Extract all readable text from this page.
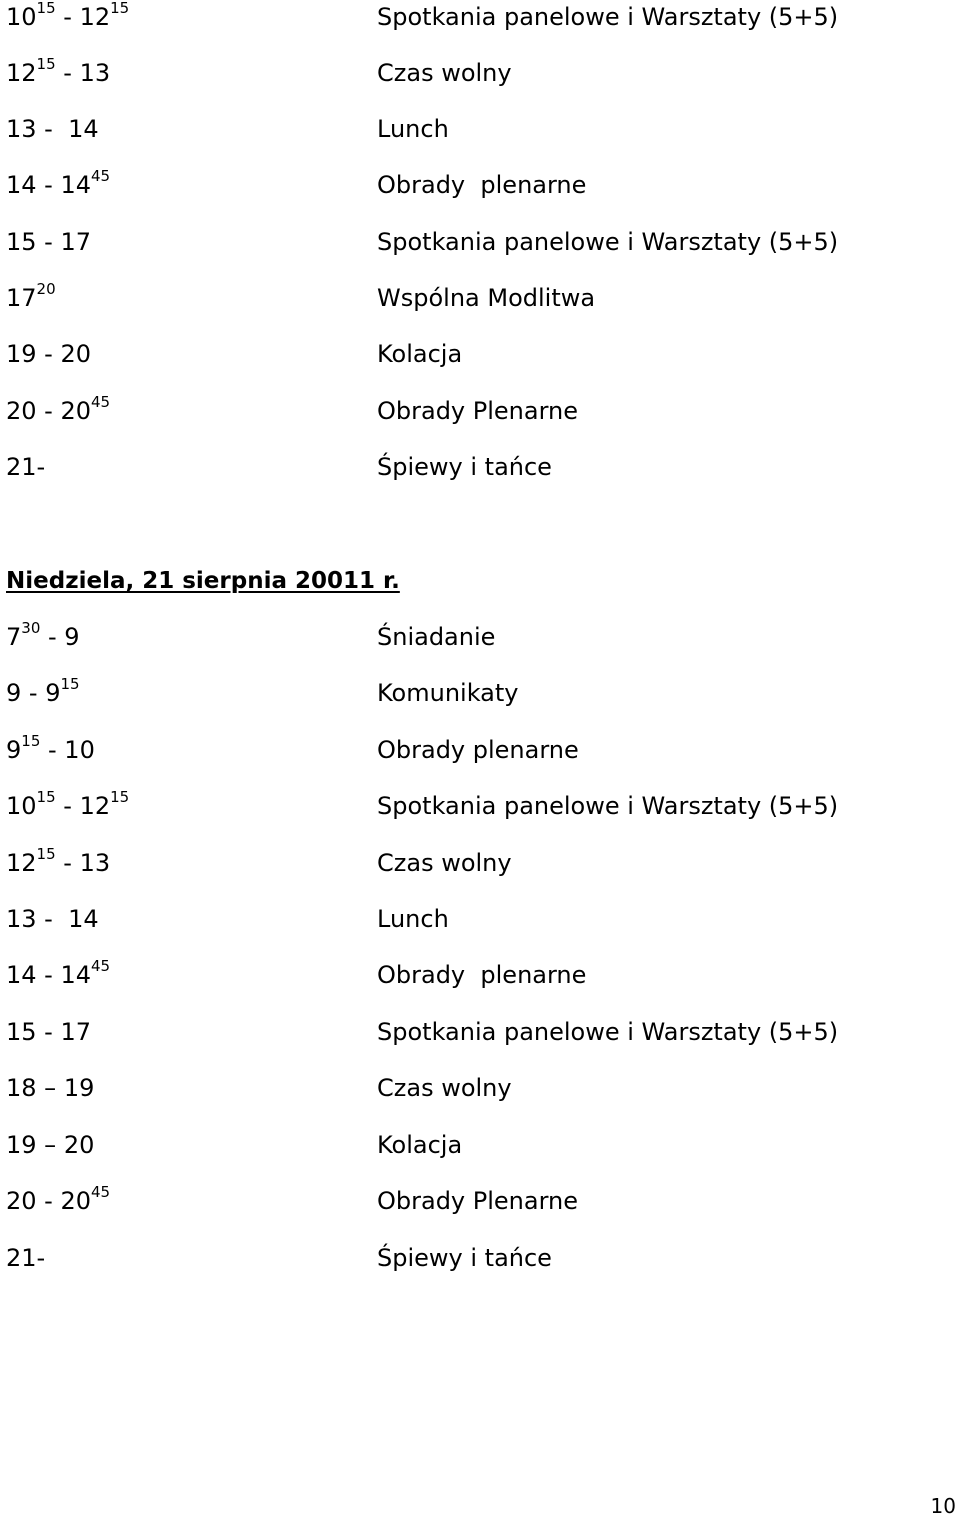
$10^{15} - 12^{15}$	Spotkania panelowe i Warsztaty (5+5)
$12^{15} - 13$	Czas wolny
13 -  14	Lunch
$14 - 14^{45}$	Obrady  plenarne
15 - 17	Spotkania panelowe i Warsztaty (5+5)
$17^{20}$	Wspólna Modlitwa
19 - 20	Kolacja
$20 - 20^{45}$	Obrady Plenarne
21-	Śpiewy i tańce
Niedziela, 21 sierpnia 20011 r.
$7^{30} - 9$	Śniadanie
$9 - 9^{15}$	Komunikaty
$9^{15} - 10$	Obrady plenarne
$10^{15} - 12^{15}$	Spotkania panelowe i Warsztaty (5+5)
$12^{15} - 13$	Czas wolny
13 -  14	Lunch
$14 - 14^{45}$	Obrady  plenarne
15 - 17	Spotkania panelowe i Warsztaty (5+5)
18 – 19	Czas wolny
19 – 20	Kolacja
$20 - 20^{45}$	Obrady Plenarne
21-	Śpiewy i tańce
10
